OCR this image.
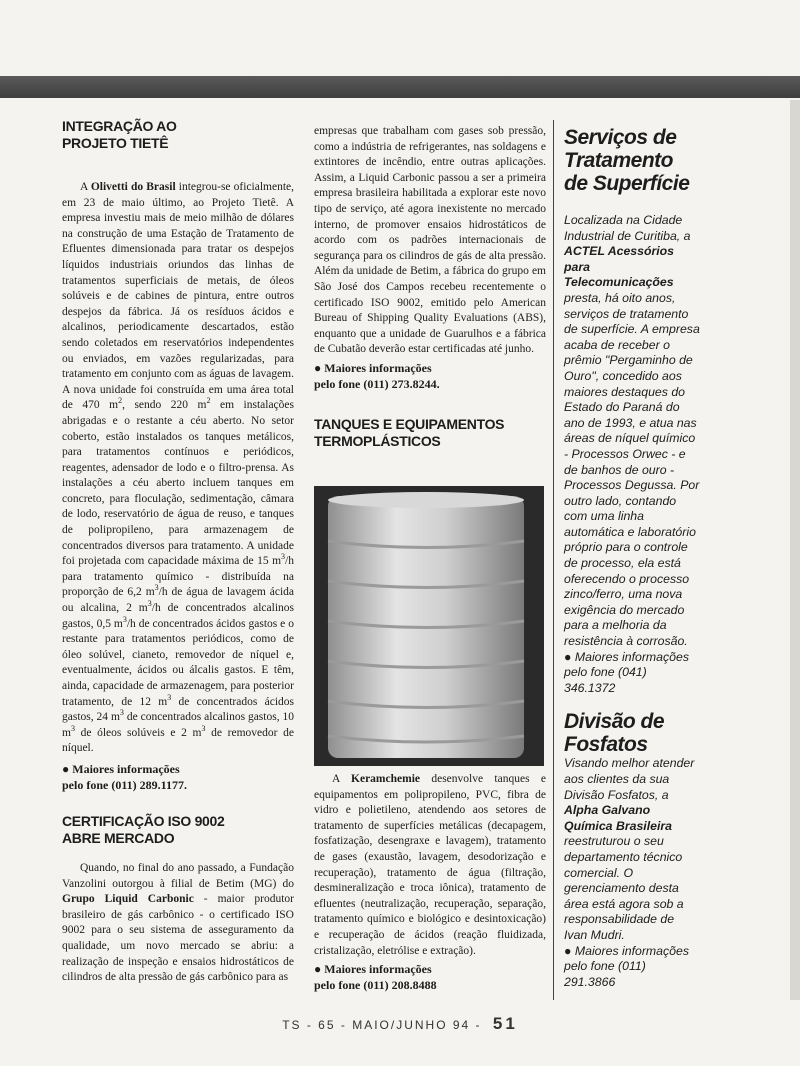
INTEGRAÇÃO AO PROJETO TIETÊ

A Olivetti do Brasil integrou-se oficialmente, em 23 de maio último, ao Projeto Tietê. A empresa investiu mais de meio milhão de dólares na construção de uma Estação de Tratamento de Efluentes dimensionada para tratar os despejos líquidos industriais oriundos das linhas de tratamentos superficiais de metais, de óleos solúveis e de cabines de pintura, entre outros despejos da fábrica. Já os resíduos ácidos e alcalinos, periodicamente descartados, estão sendo coletados em reservatórios independentes ou enviados, em vazões regularizadas, para tratamento em conjunto com as águas de lavagem. A nova unidade foi construída em uma área total de 470 $m^2$, sendo 220 $m^2$ em instalações abrigadas e o restante a céu aberto. No setor coberto, estão instalados os tanques metálicos, para tratamentos contínuos e periódicos, reagentes, adensador de lodo e o filtro-prensa. As instalações a céu aberto incluem tanques em concreto, para floculação, sedimentação, câmara de lodo, reservatório de água de reuso, e tanques de polipropileno, para armazenagem de concentrados diversos para tratamento. A unidade foi projetada com capacidade máxima de 15 $m^3/h$ para tratamento químico - distribuída na proporção de 6,2 $m^3/h$ de água de lavagem ácida ou alcalina, 2 $m^3/h$ de concentrados alcalinos gastos, 0,5 $m^3/h$ de concentrados ácidos gastos e o restante para tratamentos periódicos, como de óleo solúvel, cianeto, removedor de níquel e, eventualmente, ácidos ou álcalis gastos. E têm, ainda, capacidade de armazenagem, para posterior tratamento, de 12 $m^3$ de concentrados ácidos gastos, 24 $m^3$ de concentrados alcalinos gastos, 10 $m^3$ de óleos solúveis e 2 $m^3$ de removedor de níquel.

● Maiores informações

pelo fone (011) 289.1177.

CERTIFICAÇÃO ISO 9002 ABRE MERCADO

Quando, no final do ano passado, a Fundação Vanzolini outorgou à filial de Betim (MG) do Grupo Liquid Carbonic - maior produtor brasileiro de gás carbônico - o certificado ISO 9002 para o seu sistema de asseguramento da qualidade, um novo mercado se abriu: a realização de inspeção e ensaios hidrostáticos de cilindros de alta pressão de gás carbônico para as

empresas que trabalham com gases sob pressão, como a indústria de refrigerantes, nas soldagens e extintores de incêndio, entre outras aplicações. Assim, a Liquid Carbonic passou a ser a primeira empresa brasileira habilitada a explorar este novo tipo de serviço, até agora inexistente no mercado interno, de promover ensaios hidrostáticos de acordo com os padrões internacionais de segurança para os cilindros de gás de alta pressão. Além da unidade de Betim, a fábrica do grupo em São José dos Campos recebeu recentemente o certificado ISO 9002, emitido pelo American Bureau of Shipping Quality Evaluations (ABS), enquanto que a unidade de Guarulhos e a fábrica de Cubatão deverão estar certificadas até junho.

● Maiores informações

pelo fone (011) 273.8244.

TANQUES E EQUIPAMENTOS TERMOPLÁSTICOS

A Keramchemie desenvolve tanques e equipamentos em polipropileno, PVC, fibra de vidro e polietileno, atendendo aos setores de tratamento de superfícies metálicas (decapagem, fosfatização, desengraxe e lavagem), tratamento de gases (exaustão, lavagem, desodorização e recuperação), tratamento de água (filtração, desmineralização e troca iônica), tratamento de efluentes (neutralização, recuperação, separação, tratamento químico e biológico e desintoxicação) e recuperação de ácidos (reação fluidizada, cristalização, eletrólise e extração).

● Maiores informações

pelo fone (011) 208.8488

Serviços de Tratamento de Superfície

Localizada na Cidade Industrial de Curitiba, a ACTEL Acessórios para Telecomunicações presta, há oito anos, serviços de tratamento de superfície. A empresa acaba de receber o prêmio "Pergaminho de Ouro", concedido aos maiores destaques do Estado do Paraná do ano de 1993, e atua nas áreas de níquel químico - Processos Orwec - e de banhos de ouro - Processos Degussa. Por outro lado, contando com uma linha automática e laboratório próprio para o controle de processo, ela está oferecendo o processo zinco/ferro, uma nova exigência do mercado para a melhoria da resistência à corrosão.

● Maiores informações pelo fone (041) 346.1372

Divisão de Fosfatos

Visando melhor atender aos clientes da sua Divisão Fosfatos, a Alpha Galvano Química Brasileira reestruturou o seu departamento técnico comercial. O gerenciamento desta área está agora sob a responsabilidade de Ivan Mudri.

● Maiores informações pelo fone (011) 291.3866

TS - 65 - MAIO/JUNHO 94 - 51
